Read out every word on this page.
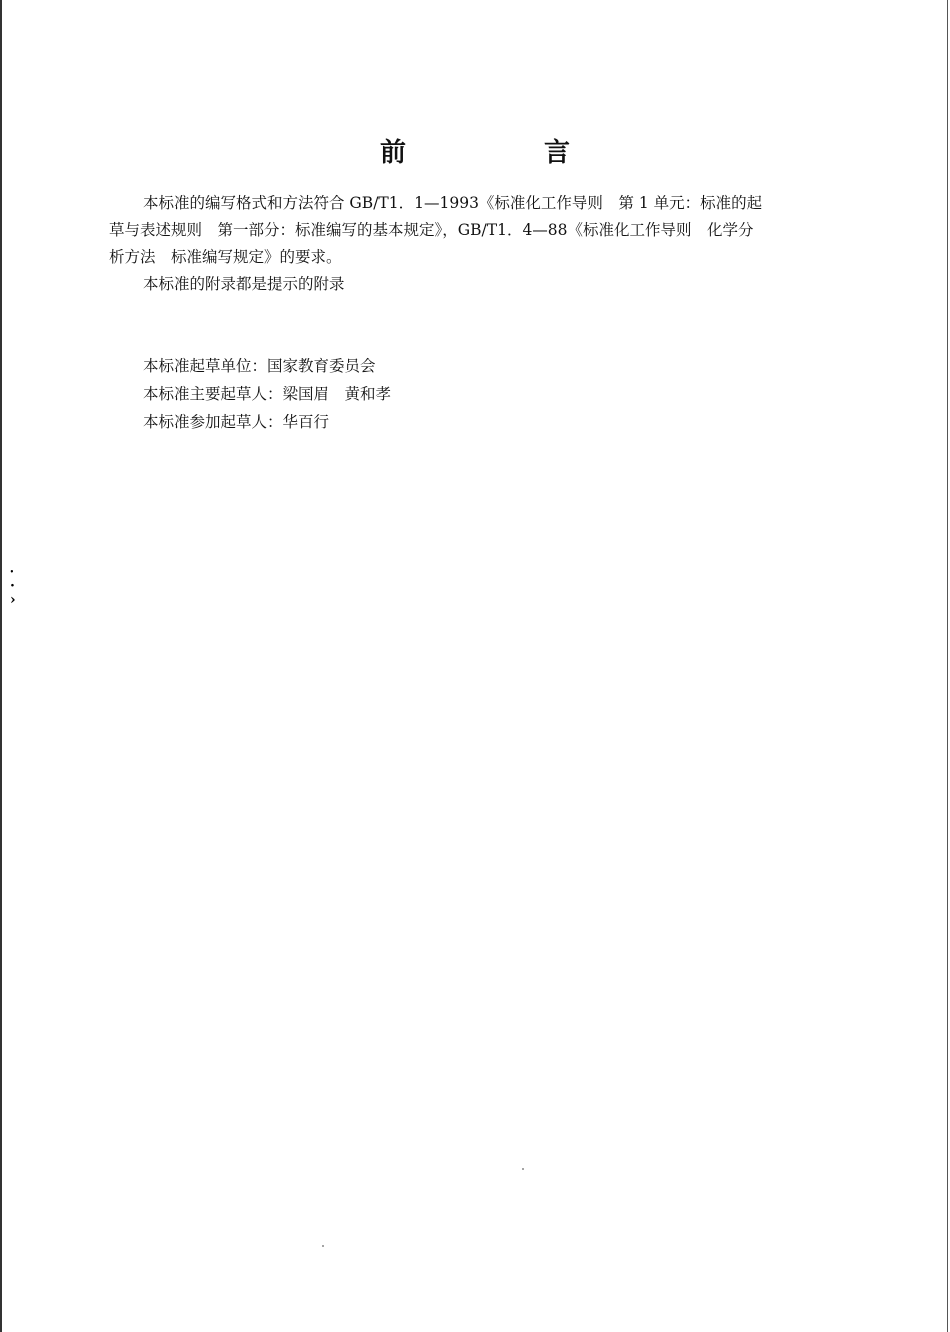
前　言
本标准的编写格式和方法符合 GB/T1．1—1993《标准化工作导则　第 1 单元：标准的起
草与表述规则　第一部分：标准编写的基本规定》，GB/T1．4—88《标准化工作导则　化学分
析方法　标准编写规定》的要求。
本标准的附录都是提示的附录
本标准起草单位：国家教育委员会
本标准主要起草人：梁国眉　黄和孝
本标准参加起草人：华百行
⸱
·
›
